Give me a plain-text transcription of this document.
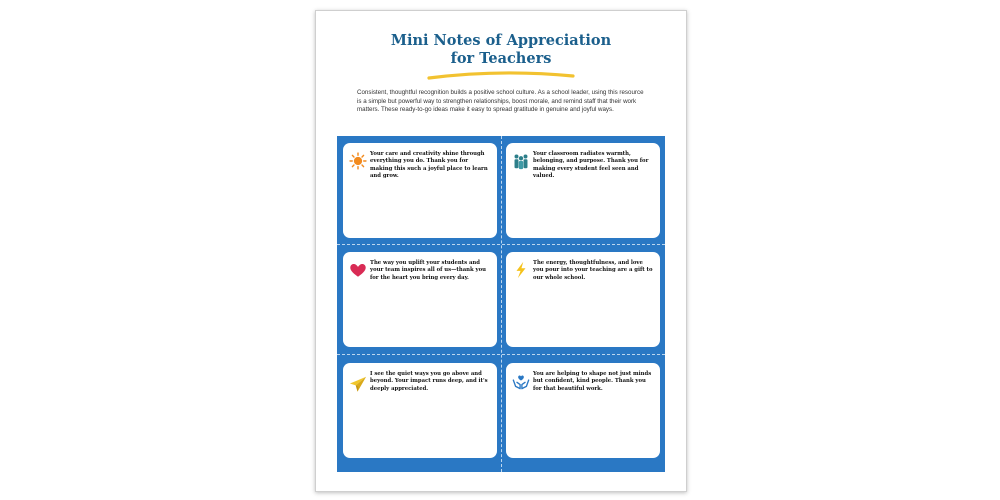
Mini Notes of Appreciation
for Teachers
Consistent, thoughtful recognition builds a positive school culture. As a school leader, using this resource is a simple but powerful way to strengthen relationships, boost morale, and remind staff that their work matters. These ready-to-go ideas make it easy to spread gratitude in genuine and joyful ways.
Your care and creativity shine through everything you do. Thank you for making this such a joyful place to learn and grow.
Your classroom radiates warmth, belonging, and purpose. Thank you for making every student feel seen and valued.
The way you uplift your students and your team inspires all of us—thank you for the heart you bring every day.
The energy, thoughtfulness, and love you pour into your teaching are a gift to our whole school.
I see the quiet ways you go above and beyond. Your impact runs deep, and it's deeply appreciated.
You are helping to shape not just minds but confident, kind people. Thank you for that beautiful work.
